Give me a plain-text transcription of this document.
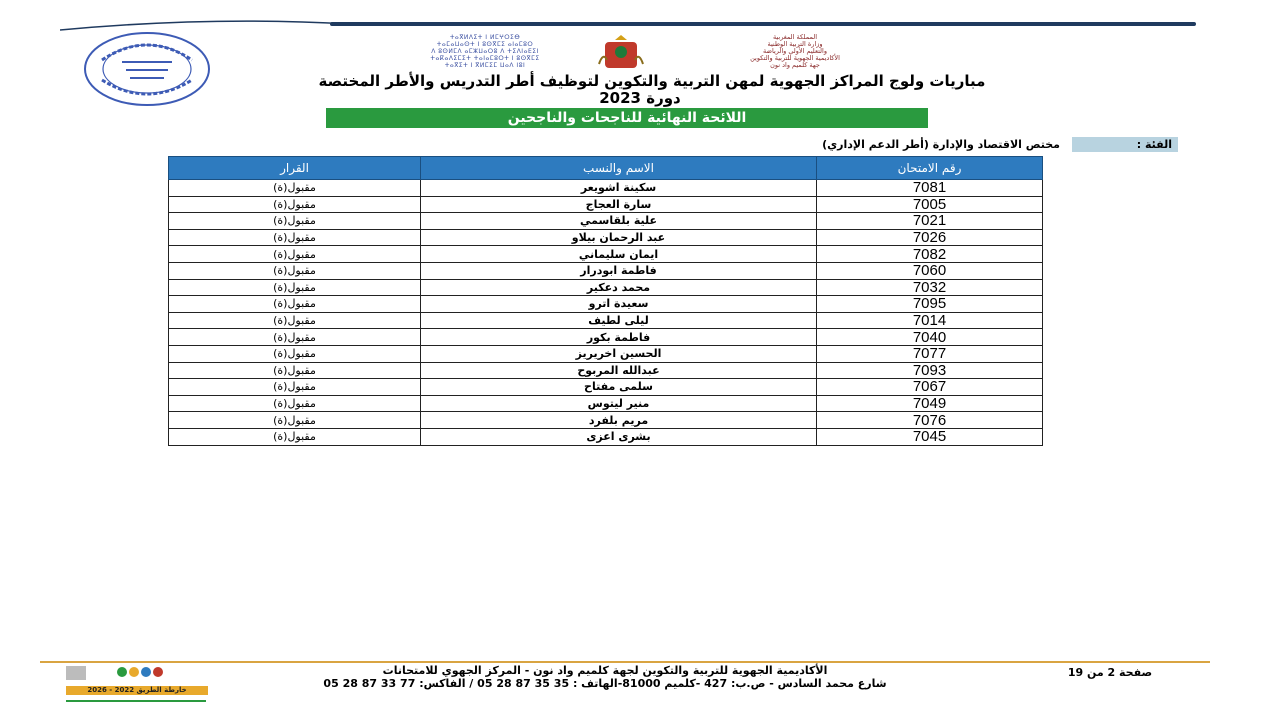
ⵜⴰⴳⵍⴷⵉⵜ ⵏ ⵍⵎⵖⵔⵉⴱ
ⵜⴰⵎⴰⵡⴰⵙⵜ ⵏ ⵓⵙⴳⵎⵉ ⴰⵏⴰⵎⵓⵔ
ⴷ ⵓⵙⵍⵎⴷ ⴰⵎⵣⵡⴰⵔⵓ ⴷ ⵜⵉⴷⵏⴰⴹⵉⵏ
ⵜⴰⴽⴰⴷⵉⵎⵉⵜ ⵜⴰⵏⴰⵎⵓⵔⵜ ⵏ ⵓⵙⴳⵎⵉ
ⵜⴰⴳⵉⵜ ⵏ ⴳⵍⵎⵉⵎ ⵡⴰⴷ ⵏⵓⵏ
المملكة المغربية
وزارة التربية الوطنية
والتعليم الأولي والرياضة
الأكاديمية الجهوية للتربية والتكوين
جهة كلميم واد نون
مباريات ولوج المراكز الجهوية لمهن التربية والتكوين لتوظيف أطر التدريس والأطر المختصة
دورة 2023
اللائحة النهائية للناجحات والناجحين
الفئة :
مختص الاقتصاد والإدارة (أطر الدعم الإداري)
رقم الامتحان	الاسم والنسب	القرار
7081	سكينة اشويعر	مقبول(ة)
7005	سارة العجاج	مقبول(ة)
7021	علية بلقاسمي	مقبول(ة)
7026	عبد الرحمان بيلاو	مقبول(ة)
7082	ايمان سليماني	مقبول(ة)
7060	فاطمة ابودرار	مقبول(ة)
7032	محمد دعكير	مقبول(ة)
7095	سعيدة اترو	مقبول(ة)
7014	ليلى لطيف	مقبول(ة)
7040	فاطمة بكور	مقبول(ة)
7077	الحسين اخريريز	مقبول(ة)
7093	عبدالله المربوح	مقبول(ة)
7067	سلمى مفتاح	مقبول(ة)
7049	منير ليتوس	مقبول(ة)
7076	مريم بلفرد	مقبول(ة)
7045	بشرى اعزى	مقبول(ة)
خارطة الطريق 2022 - 2026
الأكاديمية الجهوية للتربية والتكوين لجهة كلميم واد نون - المركز الجهوي للامتحانات
شارع محمد السادس - ص.ب: 427 -كلميم 81000-الهاتف : 35 35 87 28 05 / الفاكس: 77 33 87 28 05
صفحة 2 من 19
